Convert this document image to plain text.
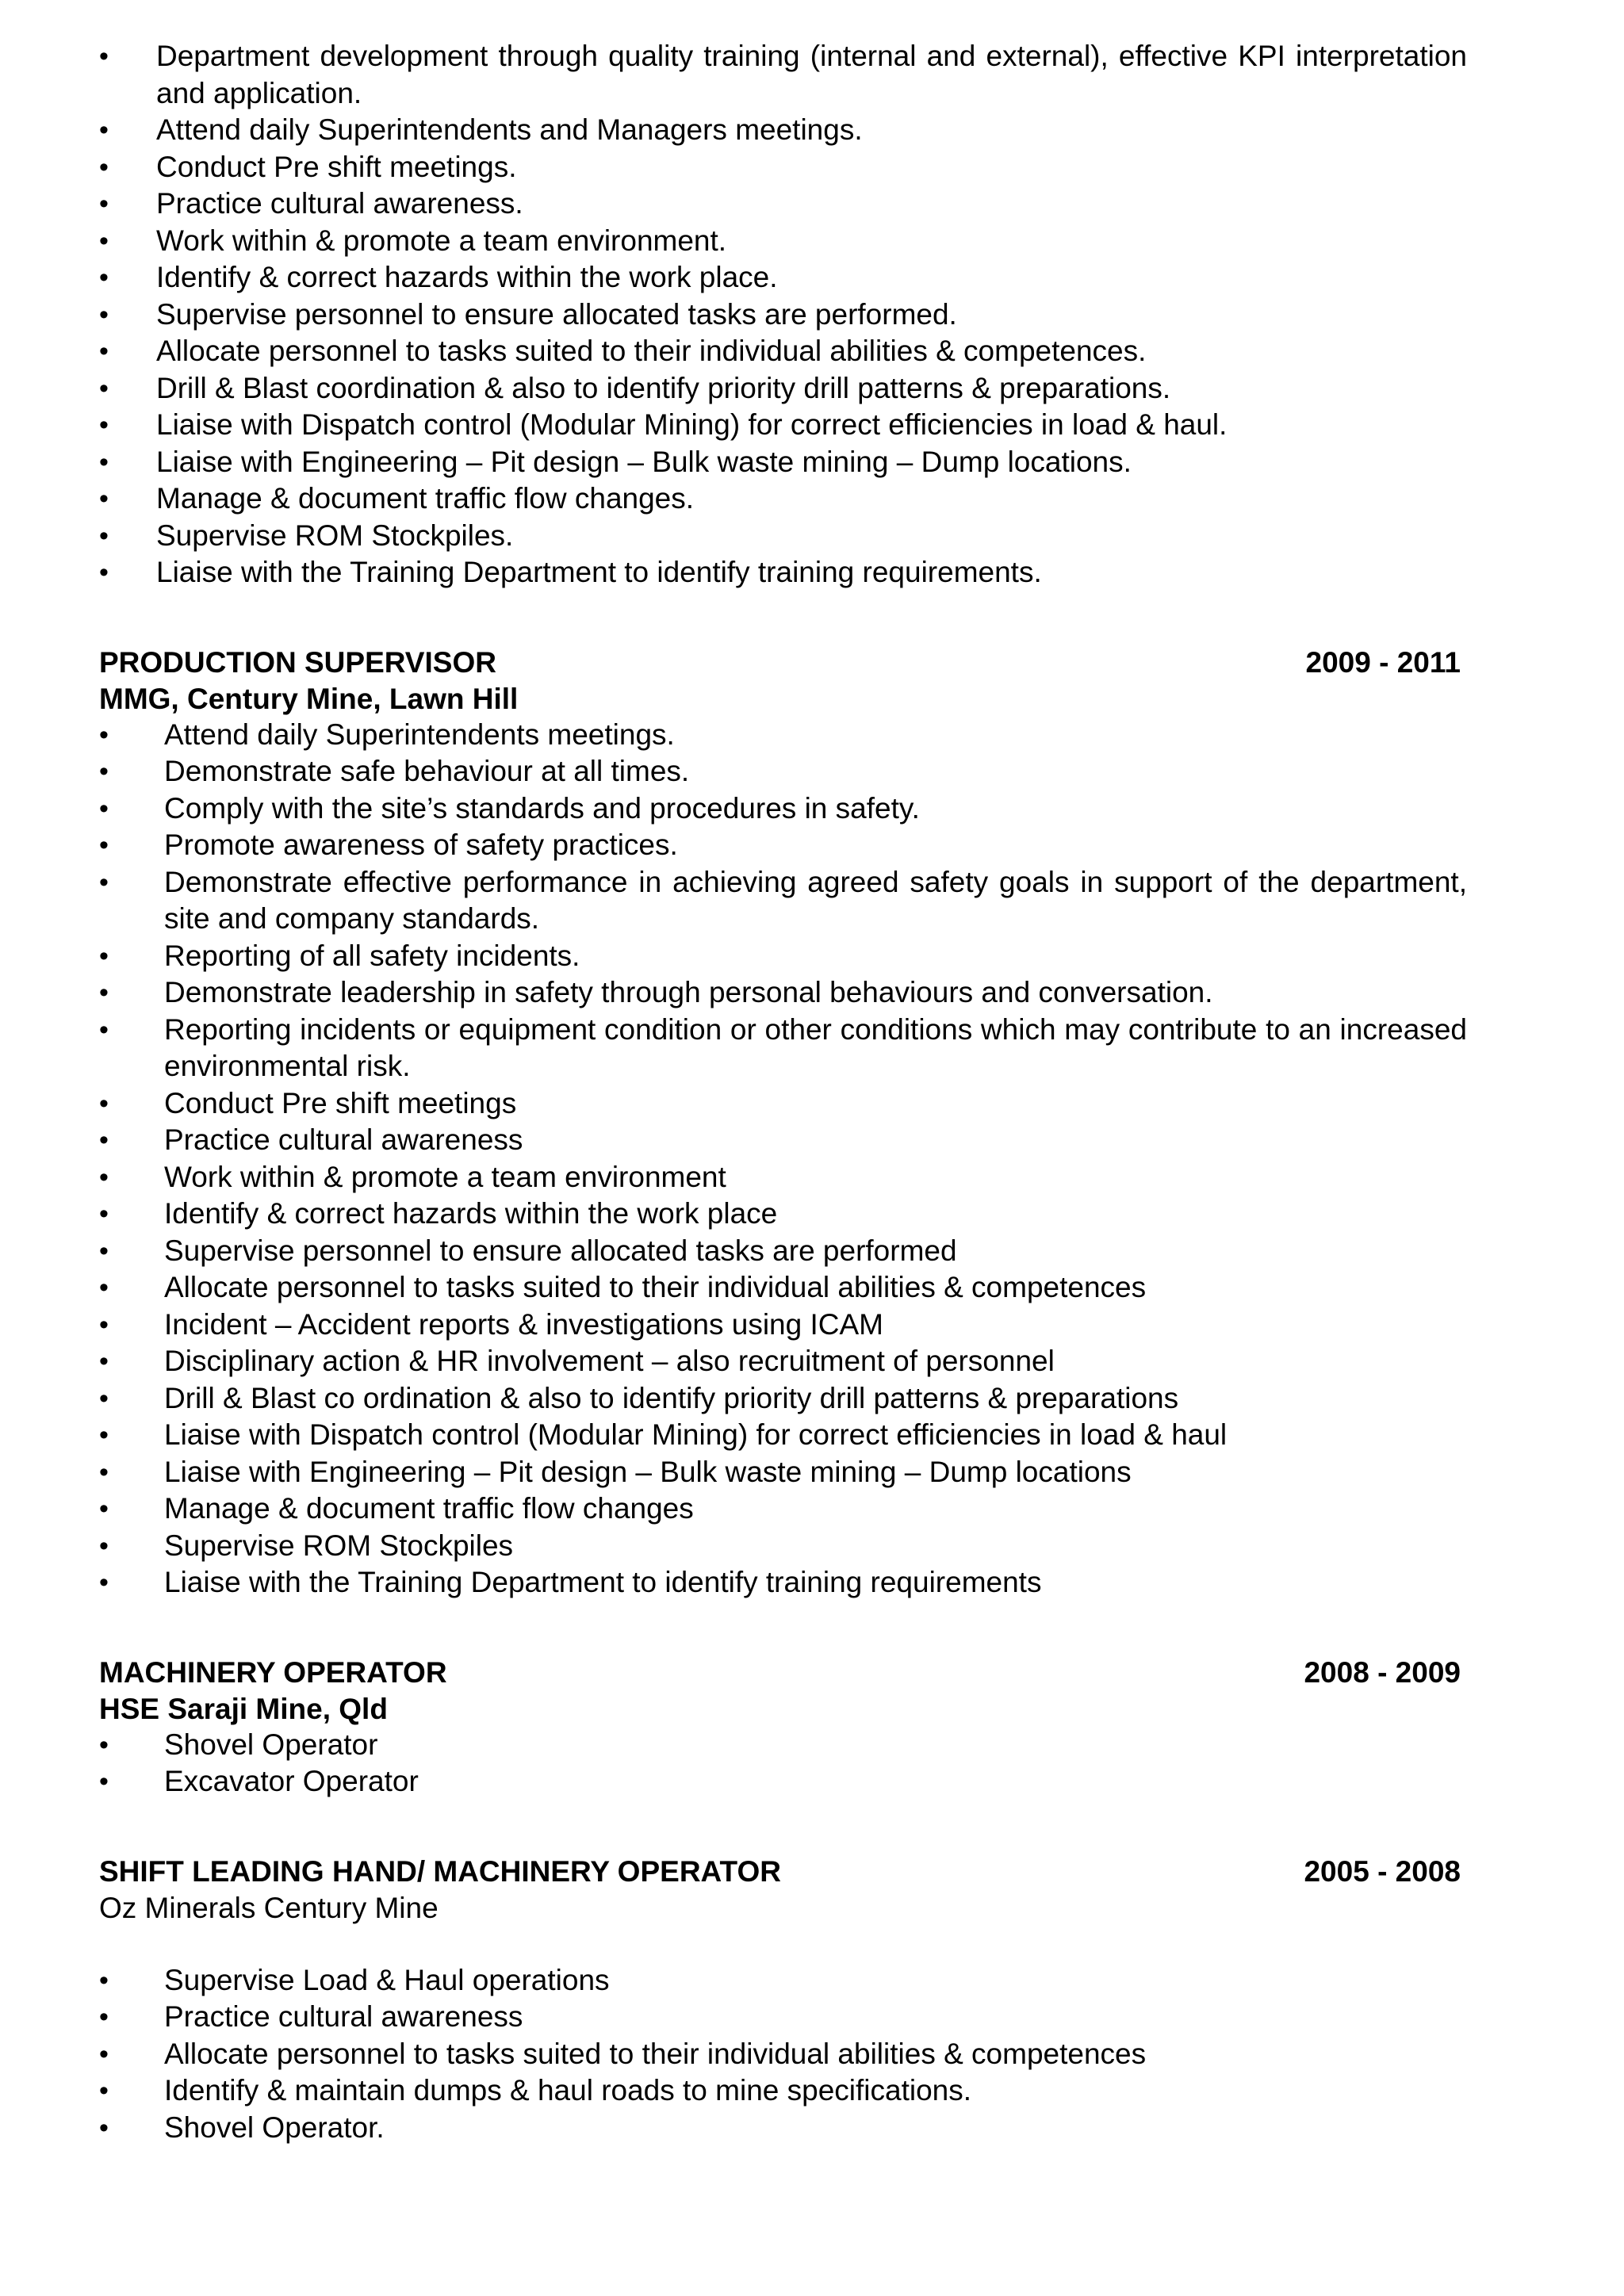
• Department development through quality training (internal and external), effective KPI interpretation and application.
• Attend daily Superintendents and Managers meetings.
• Conduct Pre shift meetings.
• Practice cultural awareness.
• Work within & promote a team environment.
• Identify & correct hazards within the work place.
• Supervise personnel to ensure allocated tasks are performed.
• Allocate personnel to tasks suited to their individual abilities & competences.
• Drill & Blast coordination & also to identify priority drill patterns & preparations.
• Liaise with Dispatch control (Modular Mining) for correct efficiencies in load & haul.
• Liaise with Engineering – Pit design – Bulk waste mining – Dump locations.
• Manage & document traffic flow changes.
• Supervise ROM Stockpiles.
• Liaise with the Training Department to identify training requirements.
PRODUCTION SUPERVISOR	2009 - 2011
MMG, Century Mine, Lawn Hill
• Attend daily Superintendents meetings.
• Demonstrate safe behaviour at all times.
• Comply with the site’s standards and procedures in safety.
• Promote awareness of safety practices.
• Demonstrate effective performance in achieving agreed safety goals in support of the department, site and company standards.
• Reporting of all safety incidents.
• Demonstrate leadership in safety through personal behaviours and conversation.
• Reporting incidents or equipment condition or other conditions which may contribute to an increased environmental risk.
• Conduct Pre shift meetings
• Practice cultural awareness
• Work within & promote a team environment
• Identify & correct hazards within the work place
• Supervise personnel to ensure allocated tasks are performed
• Allocate personnel to tasks suited to their individual abilities & competences
• Incident – Accident reports & investigations using ICAM
• Disciplinary action & HR involvement – also recruitment of personnel
• Drill & Blast co ordination & also to identify priority drill patterns & preparations
• Liaise with Dispatch control (Modular Mining) for correct efficiencies in load & haul
• Liaise with Engineering – Pit design – Bulk waste mining – Dump locations
• Manage & document traffic flow changes
• Supervise ROM Stockpiles
• Liaise with the Training Department to identify training requirements
MACHINERY OPERATOR	2008 - 2009
HSE Saraji Mine, Qld
• Shovel Operator
• Excavator Operator
SHIFT LEADING HAND/ MACHINERY OPERATOR	2005 - 2008
Oz Minerals Century Mine
• Supervise Load & Haul operations
• Practice cultural awareness
• Allocate personnel to tasks suited to their individual abilities & competences
• Identify & maintain dumps & haul roads to mine specifications.
• Shovel Operator.
